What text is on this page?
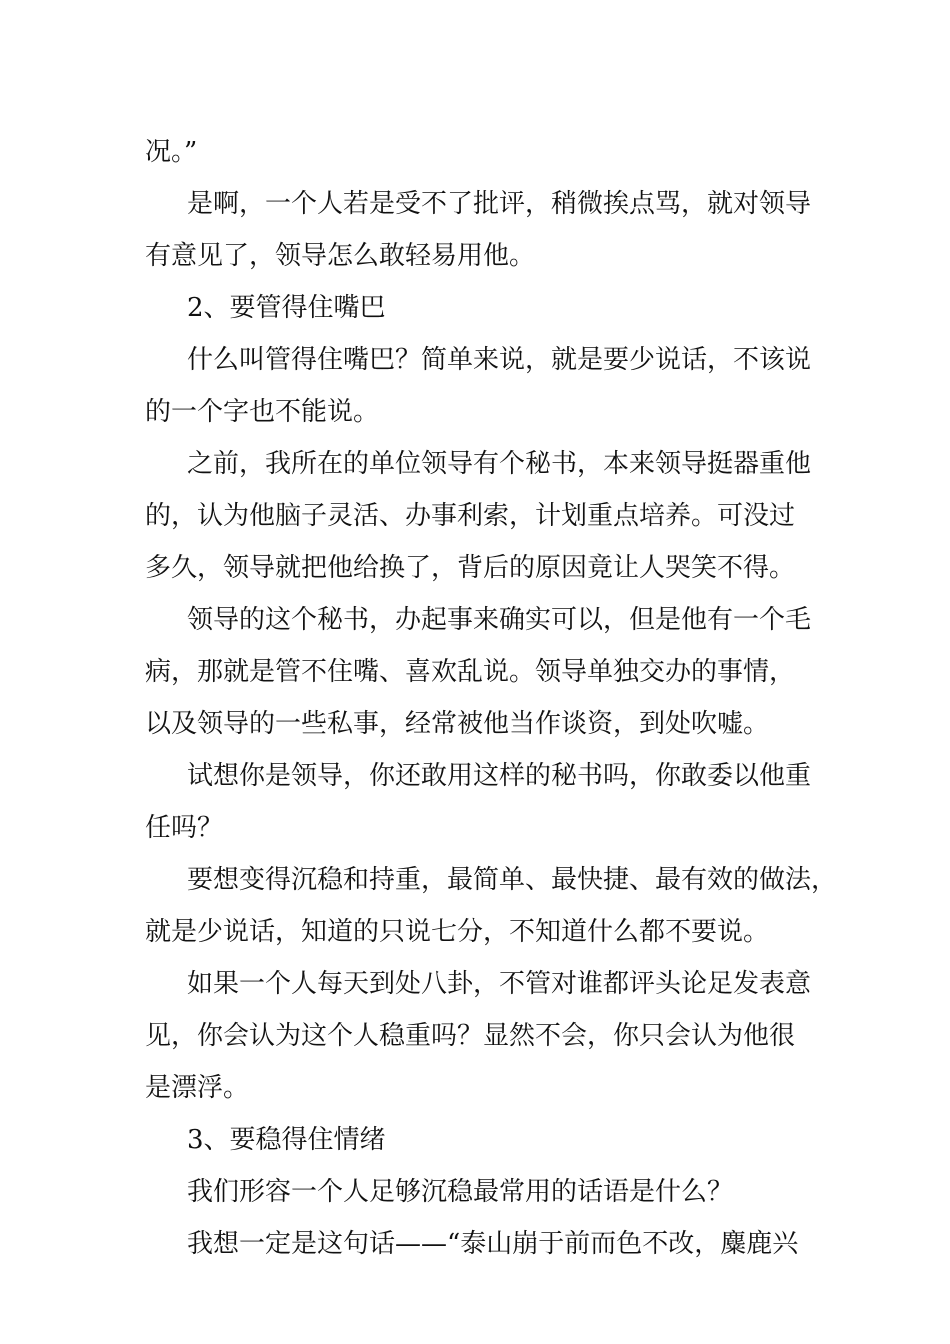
况。”
是啊，一个人若是受不了批评，稍微挨点骂，就对领导
有意见了，领导怎么敢轻易用他。
2、要管得住嘴巴
什么叫管得住嘴巴？简单来说，就是要少说话，不该说
的一个字也不能说。
之前，我所在的单位领导有个秘书，本来领导挺器重他
的，认为他脑子灵活、办事利索，计划重点培养。可没过
多久，领导就把他给换了，背后的原因竟让人哭笑不得。
领导的这个秘书，办起事来确实可以，但是他有一个毛
病，那就是管不住嘴、喜欢乱说。领导单独交办的事情，
以及领导的一些私事，经常被他当作谈资，到处吹嘘。
试想你是领导，你还敢用这样的秘书吗，你敢委以他重
任吗？
要想变得沉稳和持重，最简单、最快捷、最有效的做法，
就是少说话，知道的只说七分，不知道什么都不要说。
如果一个人每天到处八卦，不管对谁都评头论足发表意
见，你会认为这个人稳重吗？显然不会，你只会认为他很
是漂浮。
3、要稳得住情绪
我们形容一个人足够沉稳最常用的话语是什么？
我想一定是这句话——“泰山崩于前而色不改，麋鹿兴
